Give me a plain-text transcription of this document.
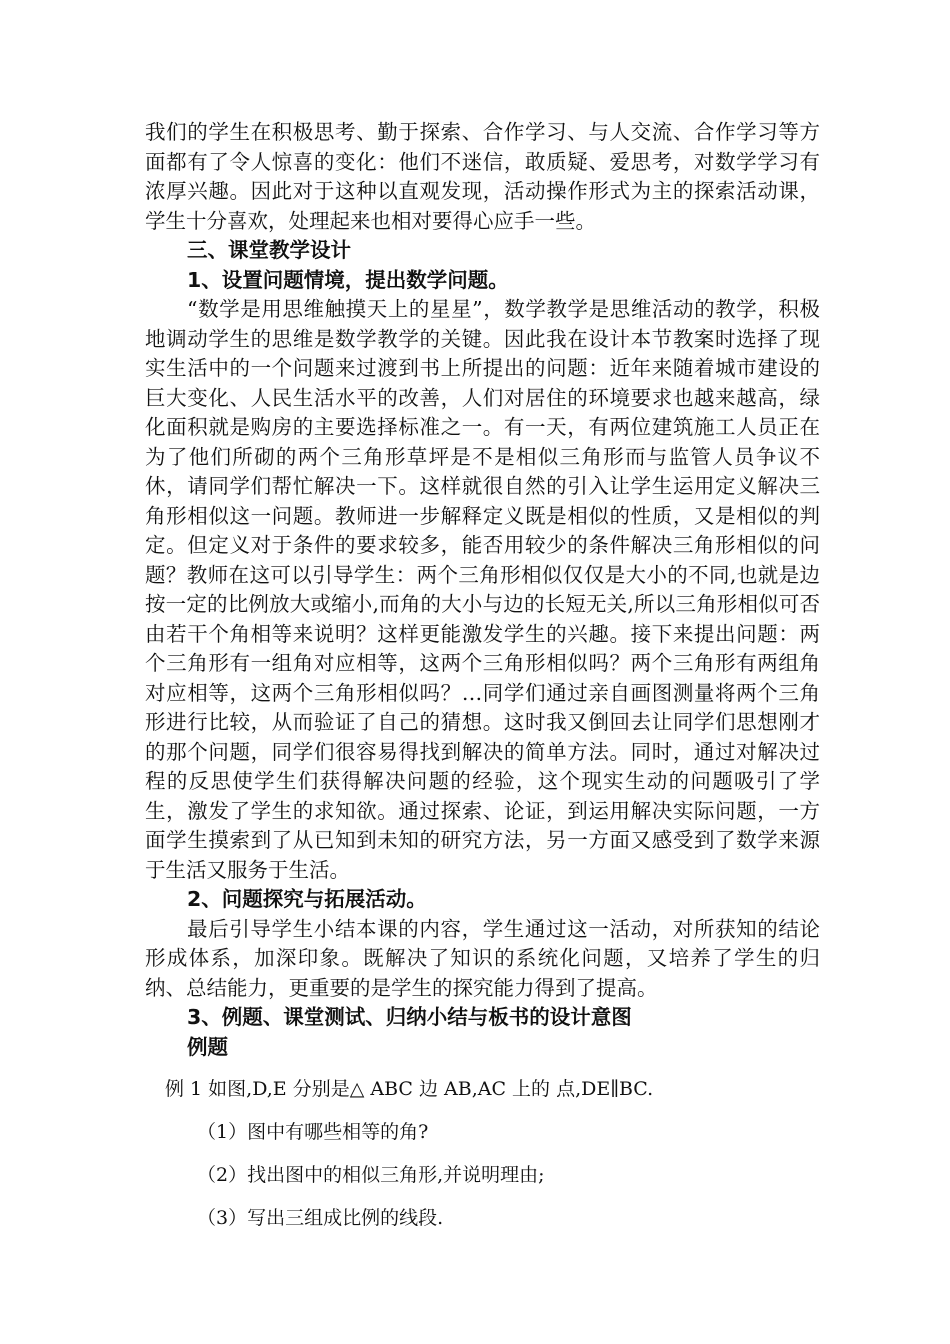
我们的学生在积极思考、勤于探索、合作学习、与人交流、合作学习等方面都有了令人惊喜的变化：他们不迷信，敢质疑、爱思考，对数学学习有浓厚兴趣。因此对于这种以直观发现，活动操作形式为主的探索活动课，学生十分喜欢，处理起来也相对要得心应手一些。

三、课堂教学设计

1、设置问题情境，提出数学问题。

“数学是用思维触摸天上的星星”，数学教学是思维活动的教学，积极地调动学生的思维是数学教学的关键。因此我在设计本节教案时选择了现实生活中的一个问题来过渡到书上所提出的问题：近年来随着城市建设的巨大变化、人民生活水平的改善，人们对居住的环境要求也越来越高，绿化面积就是购房的主要选择标准之一。有一天，有两位建筑施工人员正在为了他们所砌的两个三角形草坪是不是相似三角形而与监管人员争议不休，请同学们帮忙解决一下。这样就很自然的引入让学生运用定义解决三角形相似这一问题。教师进一步解释定义既是相似的性质，又是相似的判定。但定义对于条件的要求较多，能否用较少的条件解决三角形相似的问题？教师在这可以引导学生：两个三角形相似仅仅是大小的不同,也就是边按一定的比例放大或缩小,而角的大小与边的长短无关,所以三角形相似可否由若干个角相等来说明？这样更能激发学生的兴趣。接下来提出问题：两个三角形有一组角对应相等，这两个三角形相似吗？两个三角形有两组角对应相等，这两个三角形相似吗？…同学们通过亲自画图测量将两个三角形进行比较，从而验证了自己的猜想。这时我又倒回去让同学们思想刚才的那个问题，同学们很容易得找到解决的简单方法。同时，通过对解决过程的反思使学生们获得解决问题的经验，这个现实生动的问题吸引了学生，激发了学生的求知欲。通过探索、论证，到运用解决实际问题，一方面学生摸索到了从已知到未知的研究方法，另一方面又感受到了数学来源于生活又服务于生活。

2、问题探究与拓展活动。

最后引导学生小结本课的内容，学生通过这一活动，对所获知的结论形成体系，加深印象。既解决了知识的系统化问题，又培养了学生的归纳、总结能力，更重要的是学生的探究能力得到了提高。

3、例题、课堂测试、归纳小结与板书的设计意图

例题

例 1 如图,D,E 分别是△ ABC 边 AB,AC 上的 点,DE∥BC.

（1）图中有哪些相等的角?

（2）找出图中的相似三角形,并说明理由;

（3）写出三组成比例的线段.
